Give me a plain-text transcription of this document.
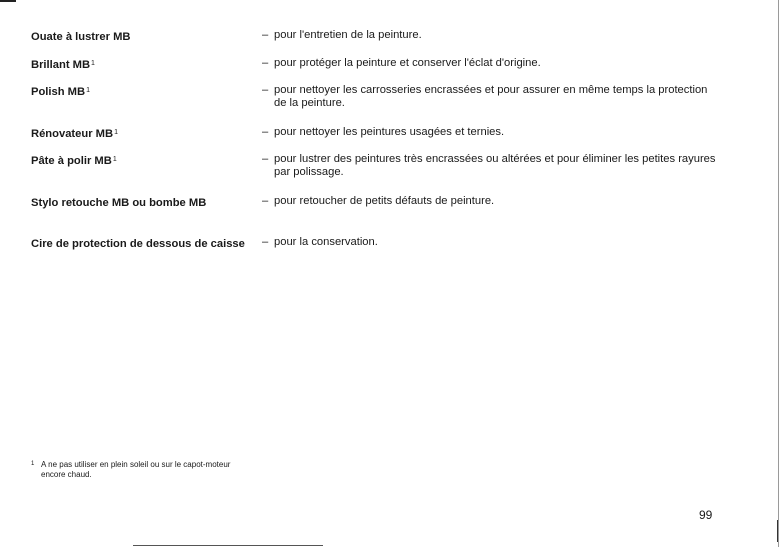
Ouate à lustrer MB	– pour l'entretien de la peinture.
Brillant $MB^1$	– pour protéger la peinture et conserver l'éclat d'origine.
Polish $MB^1$	– pour nettoyer les carrosseries encrassées et pour assurer en même temps la protection de la peinture.
Rénovateur $MB^1$	– pour nettoyer les peintures usagées et ternies.
Pâte à polir $MB^1$	– pour lustrer des peintures très encrassées ou altérées et pour éliminer les petites rayures par polissage.
Stylo retouche MB ou bombe MB	– pour retoucher de petits défauts de peinture.
Cire de protection de dessous de caisse – pour la conservation.
1 A ne pas utiliser en plein soleil ou sur le capot-moteur encore chaud.
99
